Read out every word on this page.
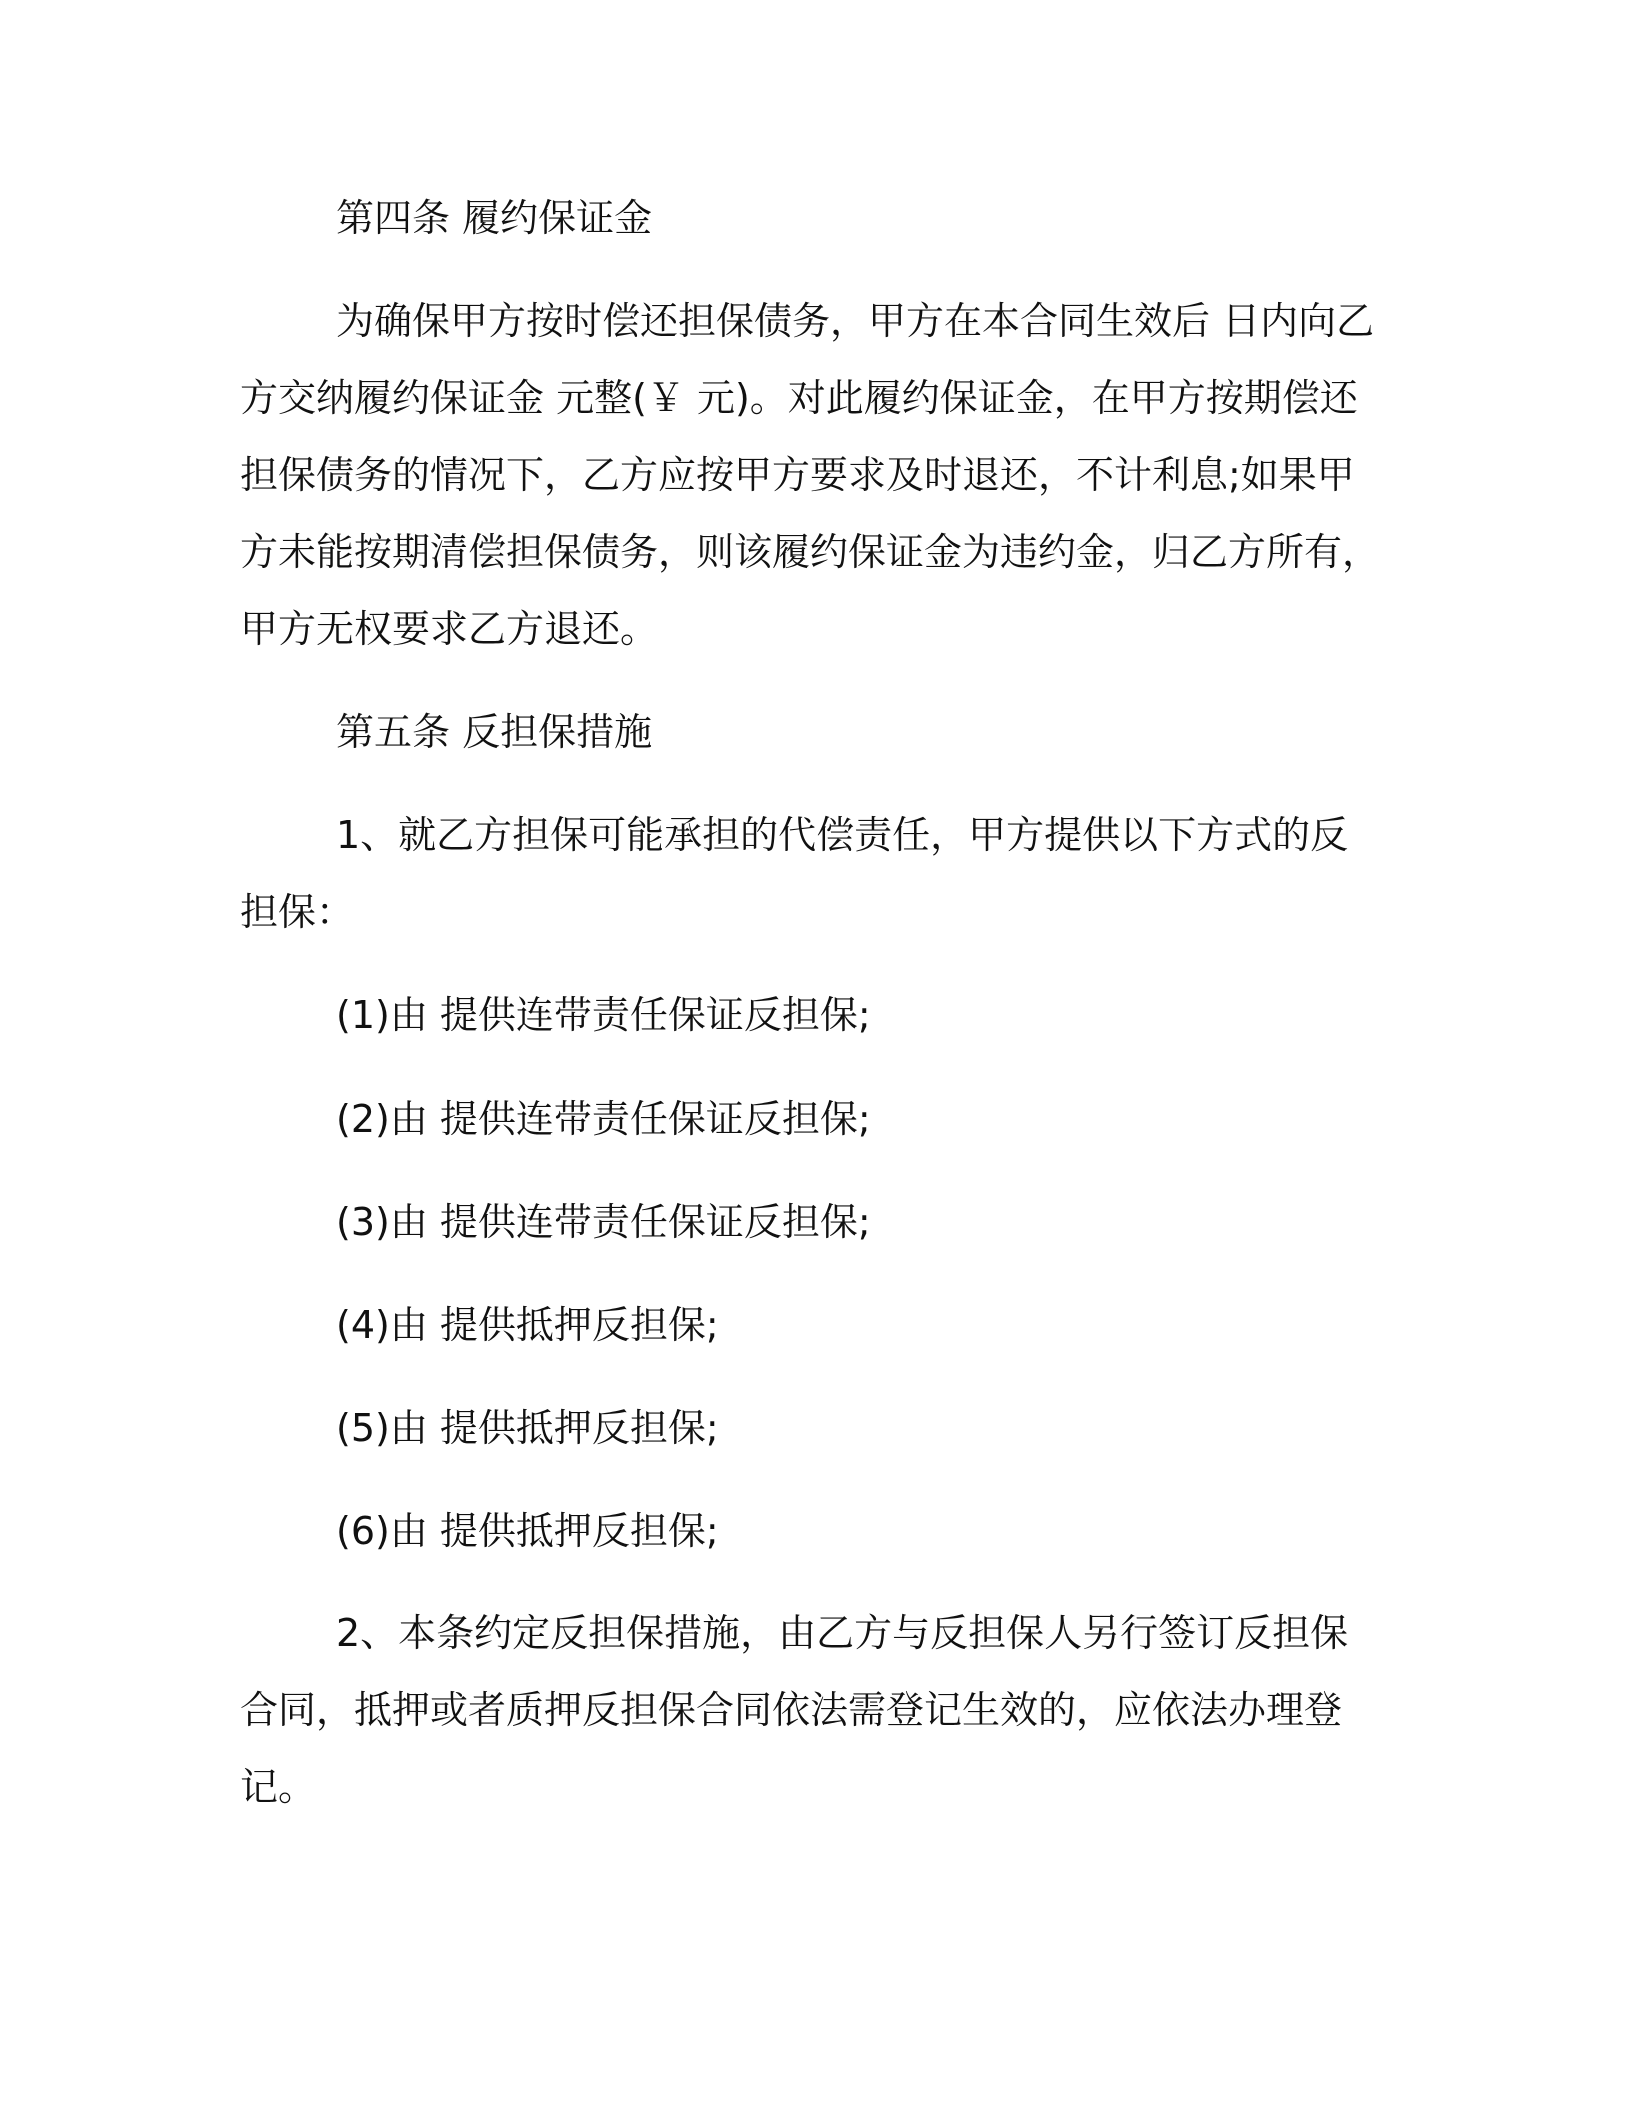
第四条 履约保证金
为确保甲方按时偿还担保债务，甲方在本合同生效后 日内向乙方交纳履约保证金 元整(￥ 元)。对此履约保证金，在甲方按期偿还担保债务的情况下，乙方应按甲方要求及时退还，不计利息;如果甲方未能按期清偿担保债务，则该履约保证金为违约金，归乙方所有，甲方无权要求乙方退还。
第五条 反担保措施
1、就乙方担保可能承担的代偿责任，甲方提供以下方式的反担保：
(1)由 提供连带责任保证反担保;
(2)由 提供连带责任保证反担保;
(3)由 提供连带责任保证反担保;
(4)由 提供抵押反担保;
(5)由 提供抵押反担保;
(6)由 提供抵押反担保;
2、本条约定反担保措施，由乙方与反担保人另行签订反担保合同，抵押或者质押反担保合同依法需登记生效的，应依法办理登记。
